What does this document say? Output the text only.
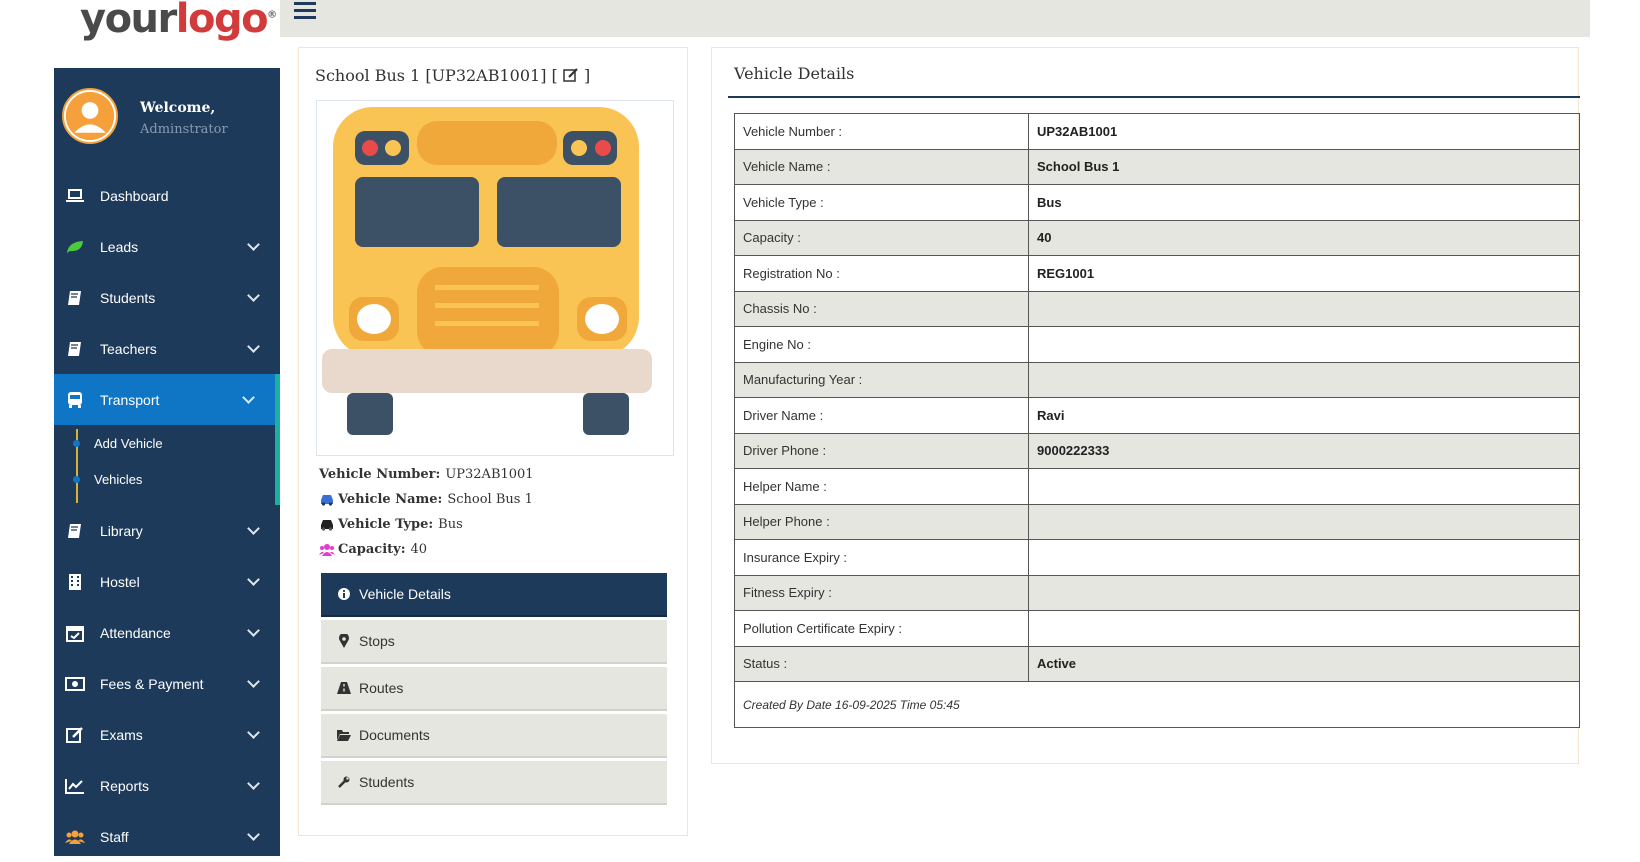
yourlogo®
Welcome,
Adminstrator
Dashboard
Leads
Students
Teachers
Transport
Add Vehicle
Vehicles
Library
Hostel
Attendance
Fees & Payment
Exams
Reports
Staff
School Bus 1 [UP32AB1001] [ ]
Vehicle Number: UP32AB1001
Vehicle Name: School Bus 1
Vehicle Type: Bus
Capacity: 40
Vehicle Details
Stops
Routes
Documents
Students
Vehicle Details
Vehicle Number :	UP32AB1001
Vehicle Name :	School Bus 1
Vehicle Type :	Bus
Capacity :	40
Registration No :	REG1001
Chassis No :	
Engine No :	
Manufacturing Year :	
Driver Name :	Ravi
Driver Phone :	9000222333
Helper Name :	
Helper Phone :	
Insurance Expiry :	
Fitness Expiry :	
Pollution Certificate Expiry :	
Status :	Active
Created By Date 16-09-2025 Time 05:45	
